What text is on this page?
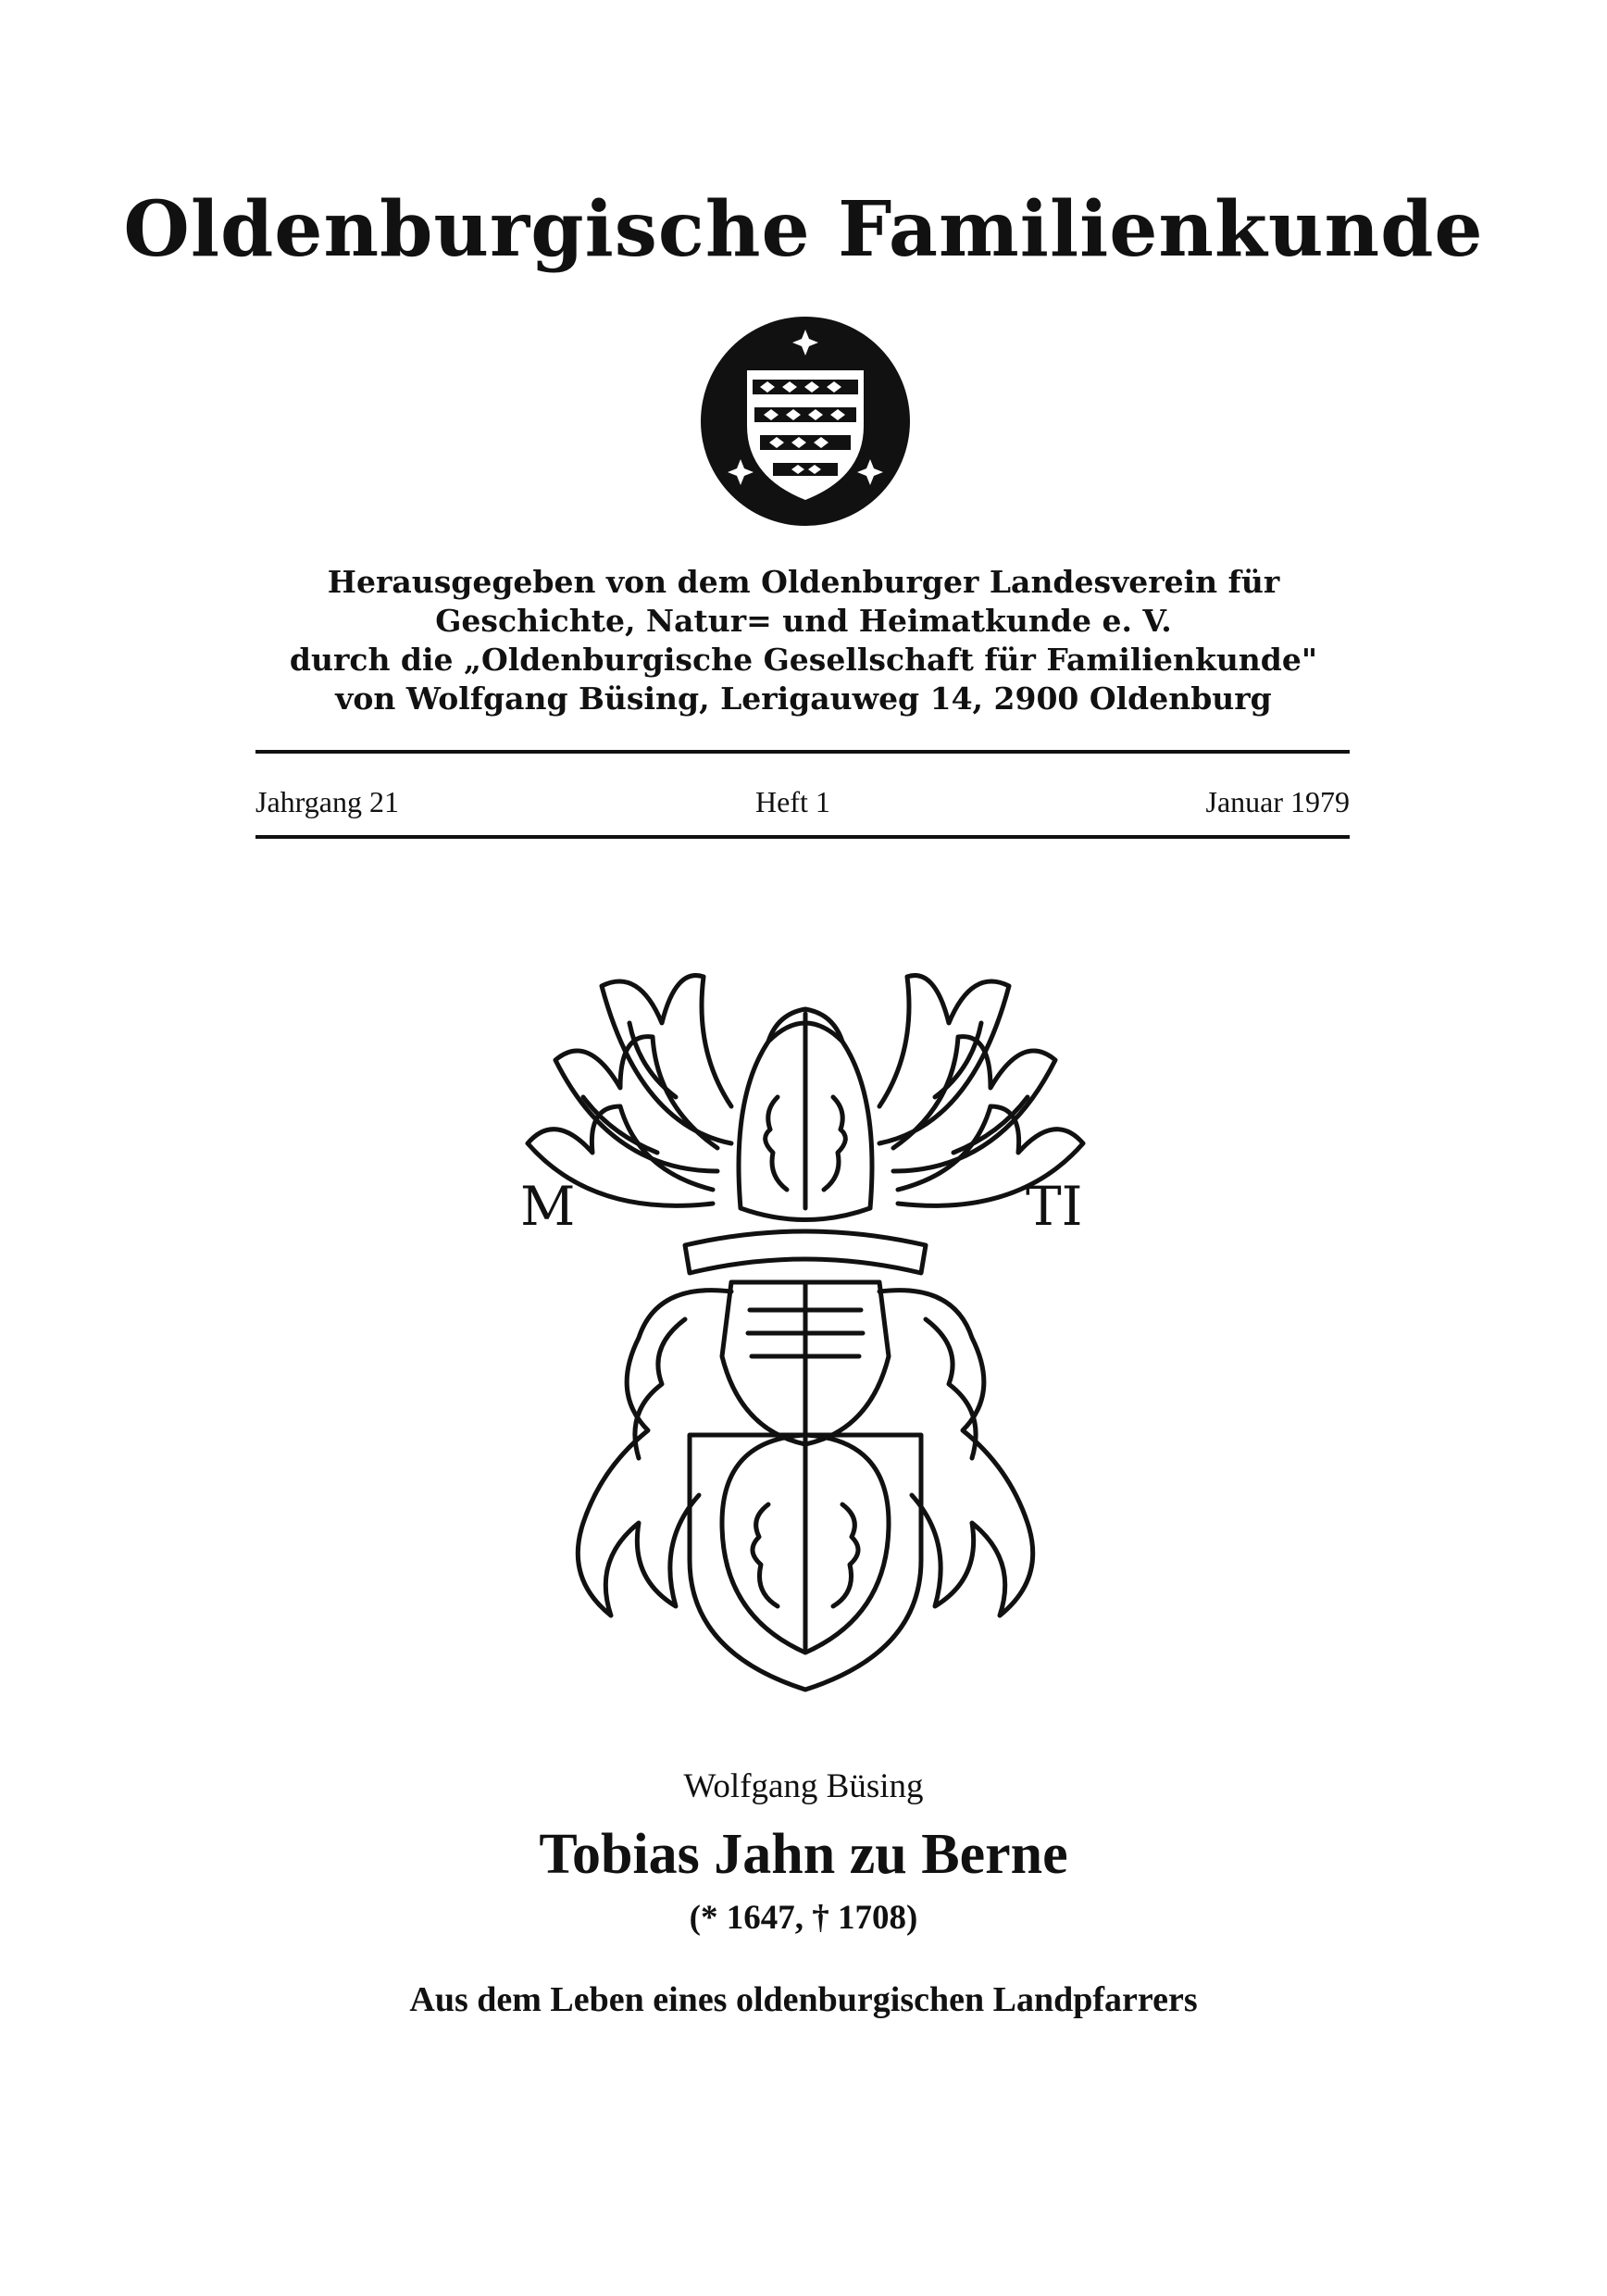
Oldenburgische Familienkunde
Herausgegeben von dem Oldenburger Landesverein für
Geschichte, Natur= und Heimatkunde e. V.
durch die „Oldenburgische Gesellschaft für Familienkunde"
von Wolfgang Büsing, Lerigauweg 14, 2900 Oldenburg
Jahrgang 21	Heft 1	Januar 1979
M	TI
Wolfgang Büsing
Tobias Jahn zu Berne
(* 1647, † 1708)
Aus dem Leben eines oldenburgischen Landpfarrers
